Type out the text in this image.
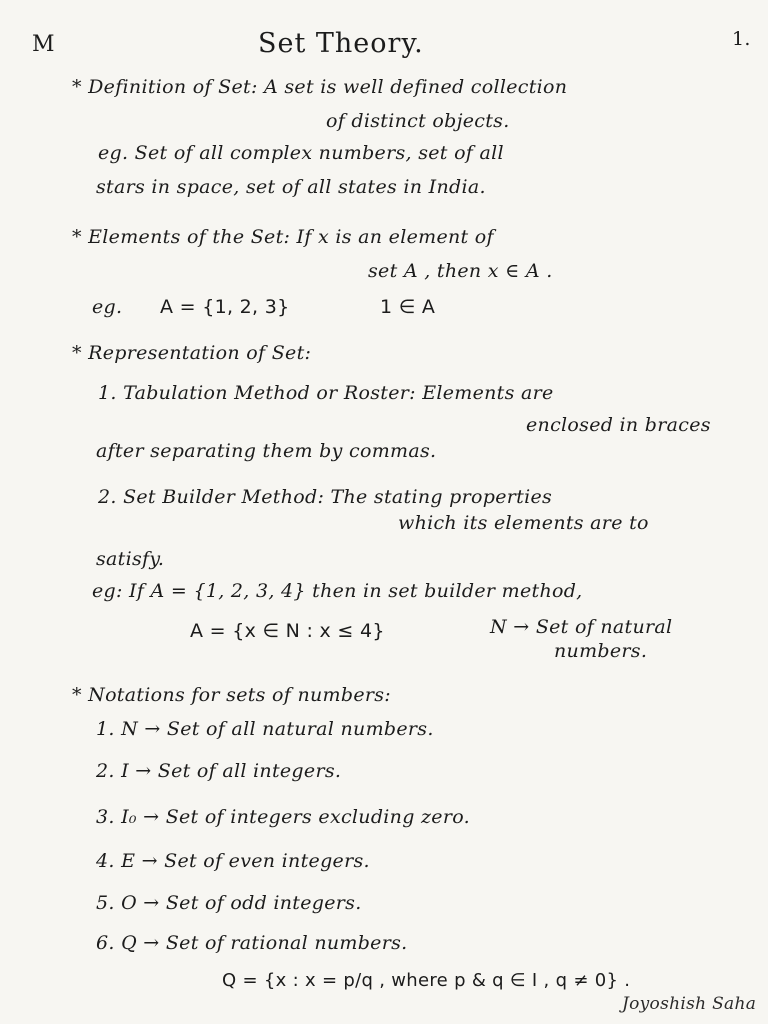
M	Set Theory.	1.
* Definition of Set: A set is well defined collection
of distinct objects.
eg. Set of all complex numbers, set of all
stars in space, set of all states in India.
* Elements of the Set: If x is an element of
set A , then x ∈ A .
eg. A = {1, 2, 3}	1 ∈ A
* Representation of Set:
1. Tabulation Method or Roster: Elements are
enclosed in braces
after separating them by commas.
2. Set Builder Method: The stating properties
which its elements are to
satisfy.
eg: If A = {1, 2, 3, 4} then in set builder method,
A = {x ∈ N : x ≤ 4}	N → Set of natural
numbers.
* Notations for sets of numbers:
1. N → Set of all natural numbers.
2. I → Set of all integers.
3. I₀ → Set of integers excluding zero.
4. E → Set of even integers.
5. O → Set of odd integers.
6. Q → Set of rational numbers.
Q = {x : x = p/q , where p & q ∈ I , q ≠ 0} .
Joyoshish Saha
